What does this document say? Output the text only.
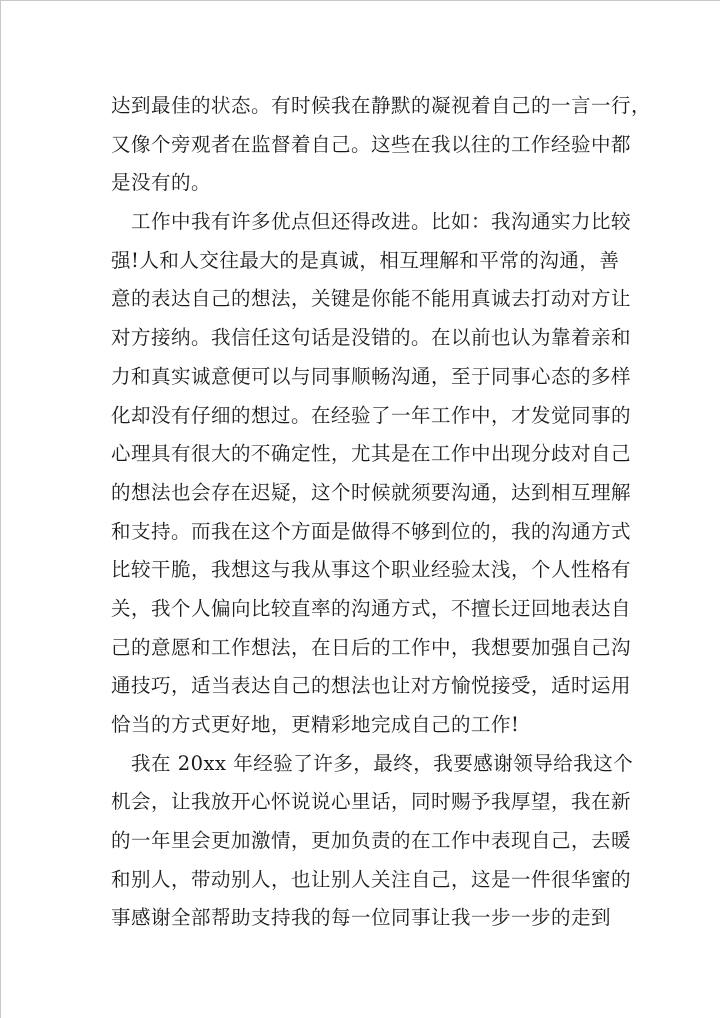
达到最佳的状态。有时候我在静默的凝视着自己的一言一行，
又像个旁观者在监督着自己。这些在我以往的工作经验中都
是没有的。
工作中我有许多优点但还得改进。比如：我沟通实力比较
强!人和人交往最大的是真诚，相互理解和平常的沟通，善
意的表达自己的想法，关键是你能不能用真诚去打动对方让
对方接纳。我信任这句话是没错的。在以前也认为靠着亲和
力和真实诚意便可以与同事顺畅沟通，至于同事心态的多样
化却没有仔细的想过。在经验了一年工作中，才发觉同事的
心理具有很大的不确定性，尤其是在工作中出现分歧对自己
的想法也会存在迟疑，这个时候就须要沟通，达到相互理解
和支持。而我在这个方面是做得不够到位的，我的沟通方式
比较干脆，我想这与我从事这个职业经验太浅，个人性格有
关，我个人偏向比较直率的沟通方式，不擅长迂回地表达自
己的意愿和工作想法，在日后的工作中，我想要加强自己沟
通技巧，适当表达自己的想法也让对方愉悦接受，适时运用
恰当的方式更好地，更精彩地完成自己的工作!
我在 20xx 年经验了许多，最终，我要感谢领导给我这个
机会，让我放开心怀说说心里话，同时赐予我厚望，我在新
的一年里会更加激情，更加负责的在工作中表现自己，去暖
和别人，带动别人，也让别人关注自己，这是一件很华蜜的
事感谢全部帮助支持我的每一位同事让我一步一步的走到
